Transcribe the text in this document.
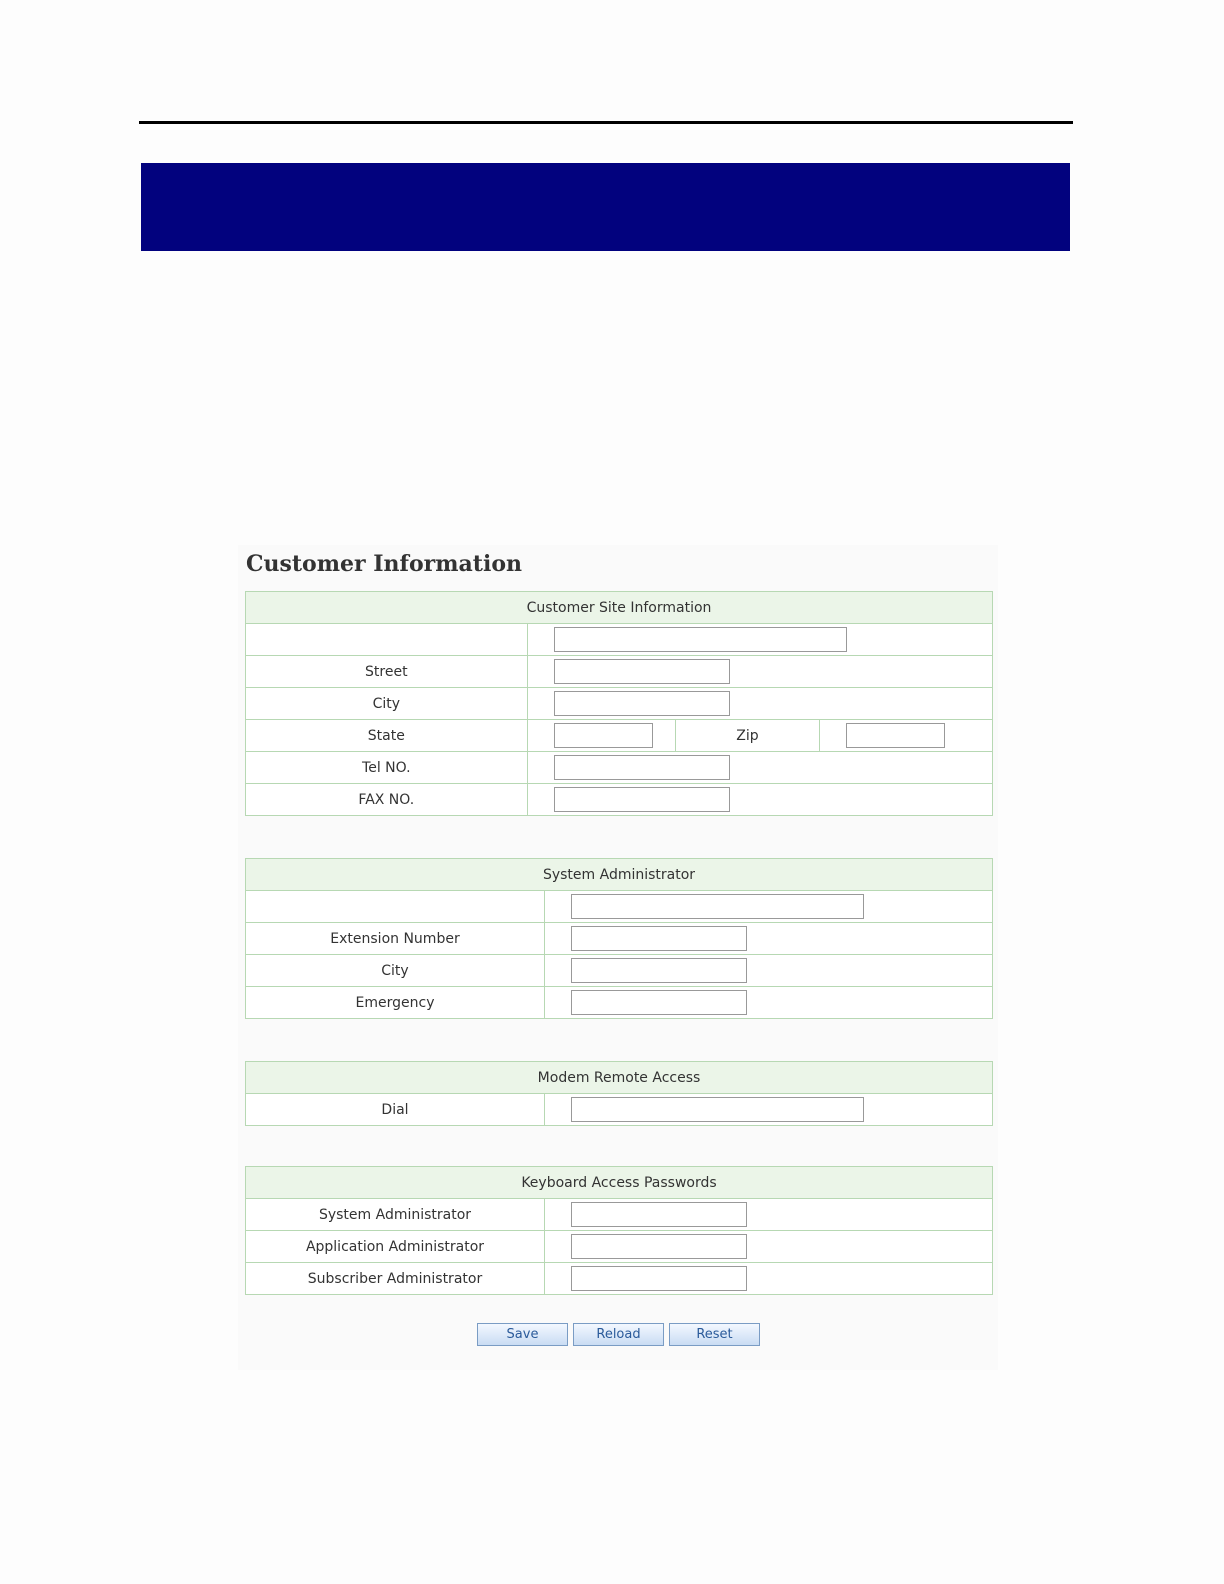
Customer Information
Customer Site Information			

Street	

City	

State		Zip	

Tel NO.	

FAX NO.	
System Administrator	

Extension Number	

City	

Emergency	
Modem Remote Access
Dial	
Keyboard Access Passwords	
System Administrator	

Application Administrator	

Subscriber Administrator	
Save	Reload	Reset
